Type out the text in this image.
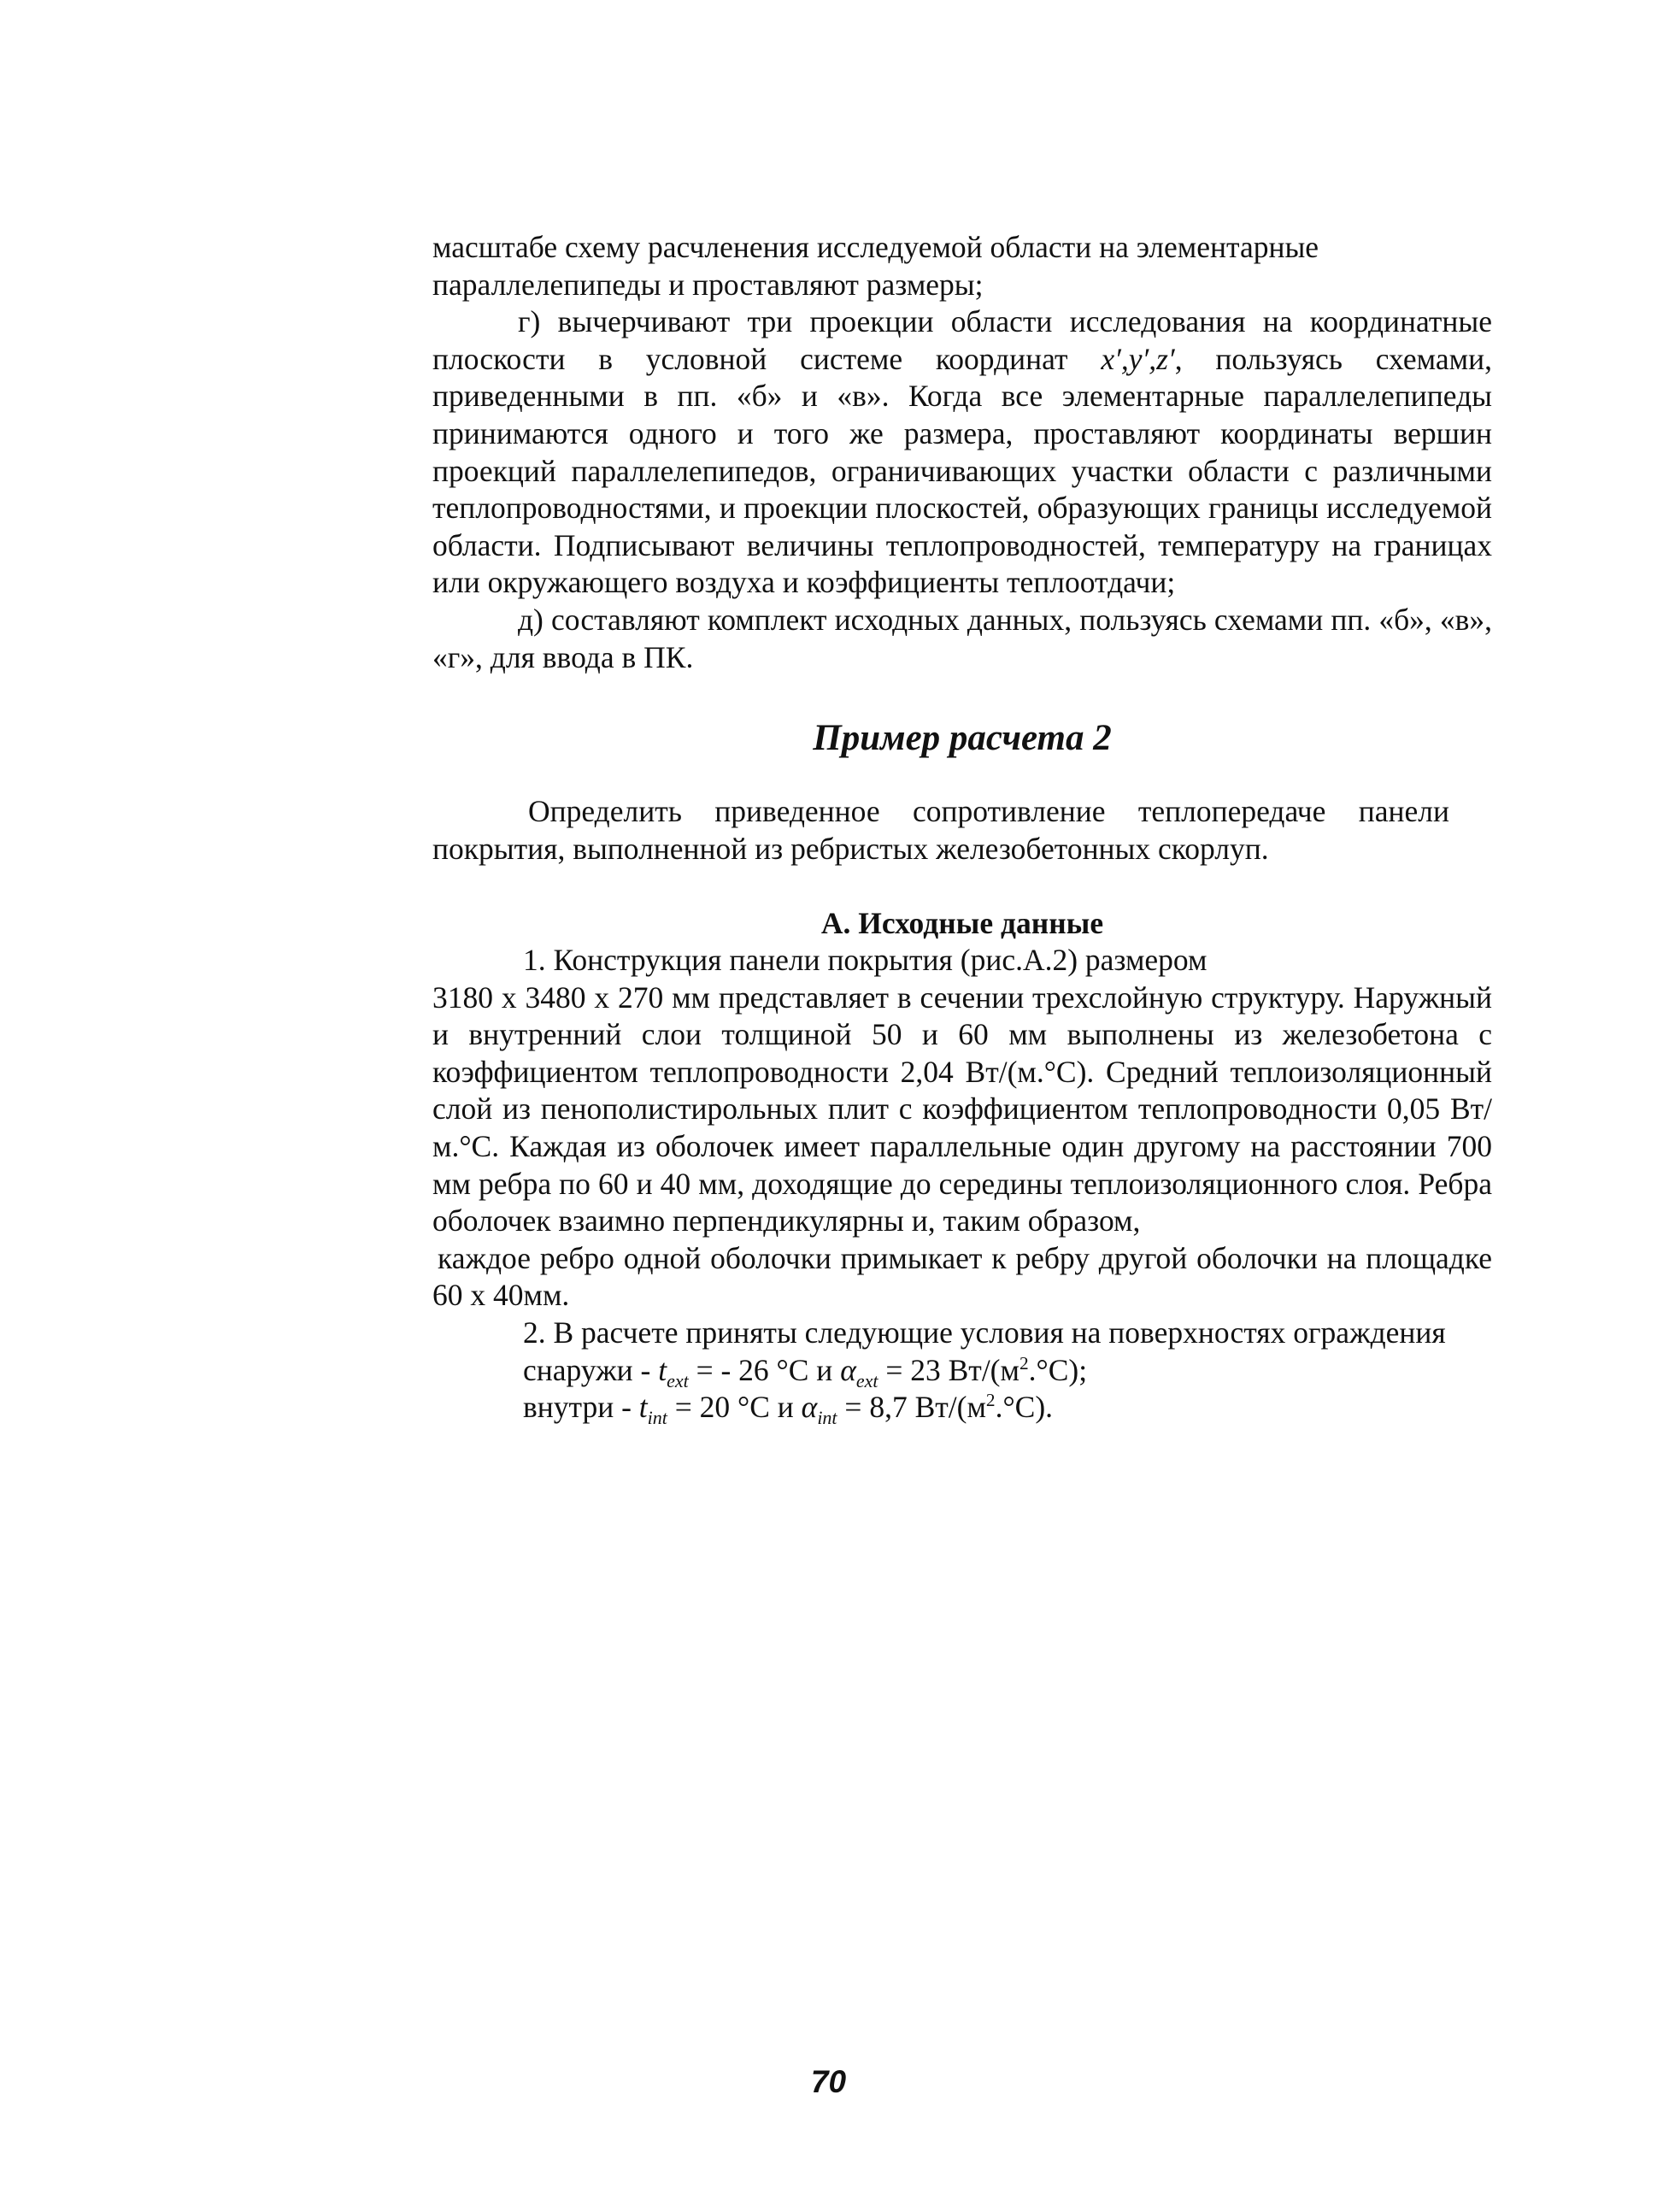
масштабе схему расчленения исследуемой области на элементарные

параллелепипеды и проставляют размеры;

г) вычерчивают три проекции области исследования на координатные плоскости в условной системе координат x′,y′,z′, пользуясь схемами, приведенными в пп. «б» и «в». Когда все элементарные параллелепипеды принимаются одного и того же размера, проставляют координаты вершин проекций параллелепипедов, ограничивающих участки области с различными теплопроводностями, и проекции плоскостей, образующих границы исследуемой области. Подписывают величины теплопроводностей, температуру на границах или окружающего воздуха и коэффициенты теплоотдачи;

д) составляют комплект исходных данных, пользуясь схемами пп. «б», «в», «г», для ввода в ПК.

Пример расчета 2

Определить приведенное сопротивление теплопередаче панели

покрытия, выполненной из ребристых железобетонных скорлуп.

А. Исходные данные

1. Конструкция панели покрытия (рис.А.2) размером

3180 х 3480 х 270 мм представляет в сечении трехслойную структуру. Наружный и внутренний слои толщиной 50 и 60 мм выполнены из железобетона с коэффициентом теплопроводности 2,04 Вт/(м.°С). Средний теплоизоляционный слой из пенополистирольных плит с коэффициентом теплопроводности 0,05 Вт/м.°С. Каждая из оболочек имеет параллельные один другому на расстоянии 700 мм ребра по 60 и 40 мм, доходящие до середины теплоизоляционного слоя. Ребра оболочек взаимно перпендикулярны и, таким образом,

каждое ребро одной оболочки примыкает к ребру другой оболочки на площадке 60 х 40мм.

2. В расчете приняты следующие условия на поверхностях ограждения

снаружи - $t_{ext}$ = - 26 °С и $\alpha_{ext} = 23$ $Вт/(м^2.^\circ С)$;

внутри - $t_{int} = 20$ °С и $\alpha_{int} = 8,7$ $Вт/(м^2.^\circ С)$.

70
